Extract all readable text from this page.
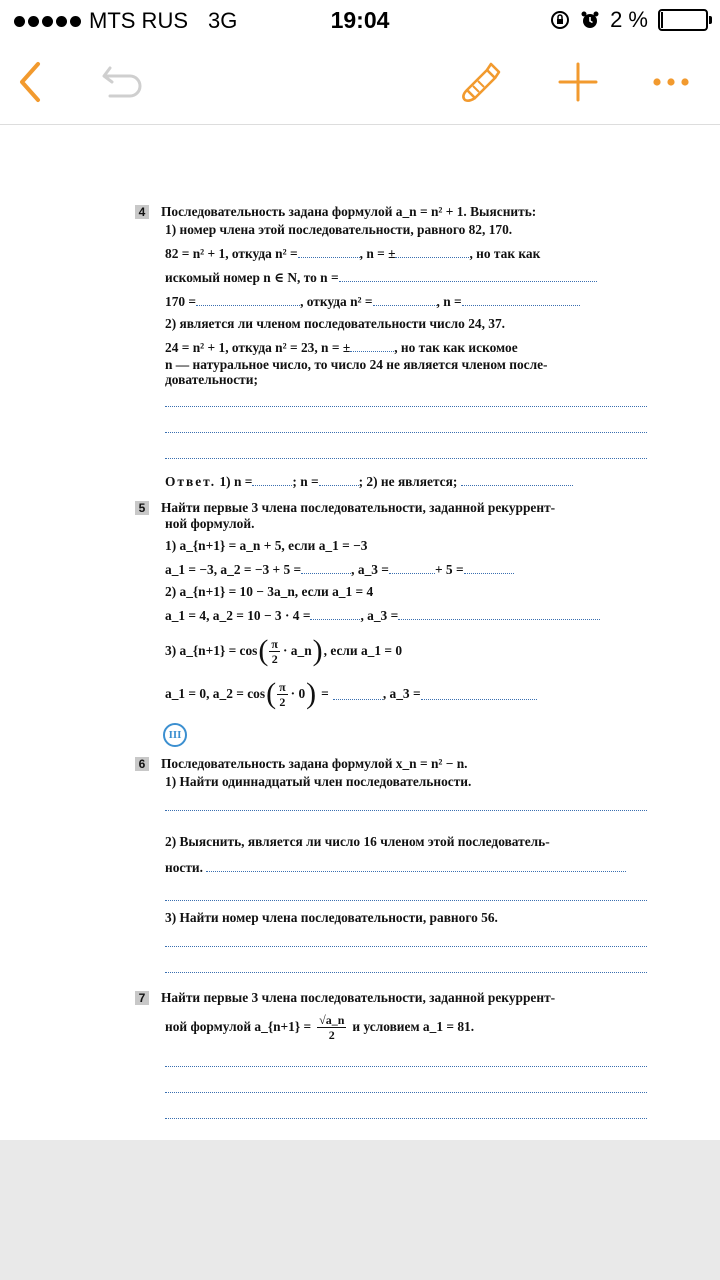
MTS RUS 3G	19:04	2 %

4 Последовательность задана формулой a_n = n² + 1. Выяснить:

1) номер члена этой последовательности, равного 82, 170.

82 = n² + 1, откуда n² =	, n = ±	, но так как

искомый номер n ∈ N, то n =

170 =	, откуда n² =	, n =

2) является ли членом последовательности число 24, 37.

24 = n² + 1, откуда n² = 23, n = ±	, но так как искомое

n — натуральное число, то число 24 не является членом после-

довательности;

Ответ. 1) n =	; n =	; 2) не является;

5 Найти первые 3 члена последовательности, заданной рекуррент-

ной формулой.

1) a_{n+1} = a_n + 5, если a_1 = −3

a_1 = −3, a_2 = −3 + 5 =	, a_3 =	+ 5 =

2) a_{n+1} = 10 − 3a_n, если a_1 = 4

a_1 = 4, a_2 = 10 − 3 · 4 =	, a_3 =

3) a_{n+1} = cos ( $\frac{\pi}{2}$ · a_n ) , если a_1 = 0

a_1 = 0, a_2 = cos ( $\frac{\pi}{2} \cdot 0$ ) =	, a_3 =

III

6 Последовательность задана формулой x_n = n² − n.

1) Найти одиннадцатый член последовательности.

2) Выяснить, является ли число 16 членом этой последователь-

ности.

3) Найти номер члена последовательности, равного 56.

7 Найти первые 3 члена последовательности, заданной рекуррент-

ной формулой a_{n+1} = $\frac{√a\_n}{2}$ и условием a_1 = 81.
